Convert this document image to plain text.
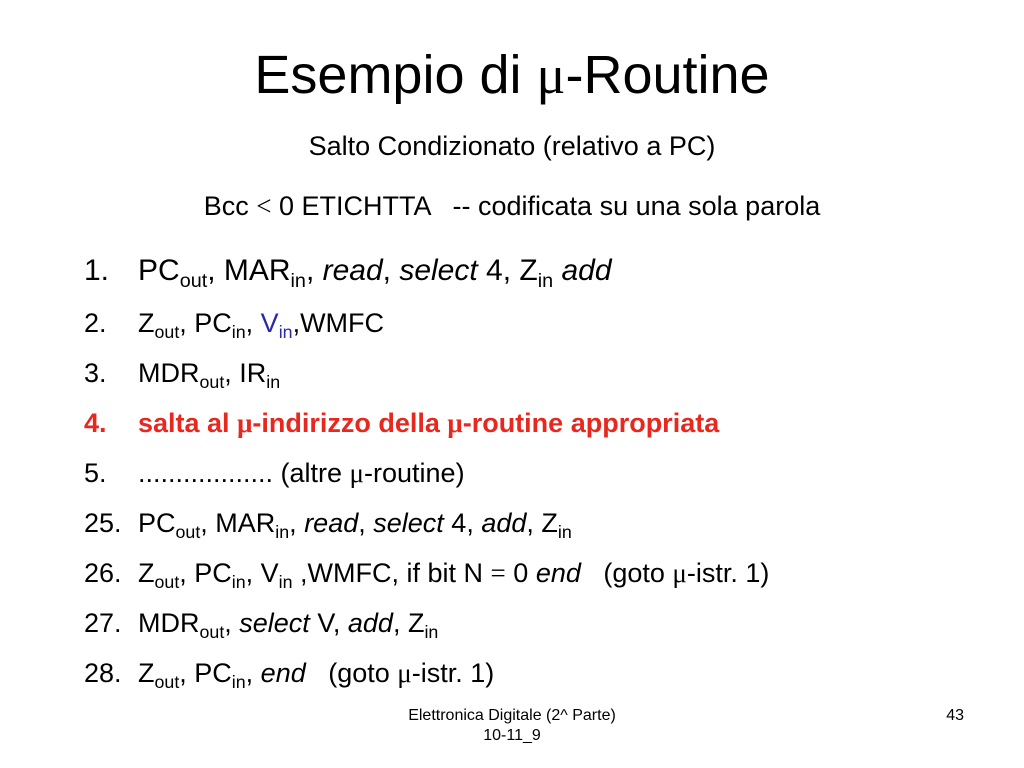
Esempio di μ-Routine
Salto Condizionato (relativo a PC)
Bcc < 0 ETICHTTA   -- codificata su una sola parola
1. $PC_{out}$, $MAR_{in}$, read, select 4, $Z_{in}$ add
2. $Z_{out}$, $PC_{in}$, $V_{in},WMFC$
3. $MDR_{out}$, $IR_{in}$
4. salta al μ-indirizzo della μ-routine appropriata
5. .................. (altre μ-routine)
25. $PC_{out}$, $MAR_{in}$, read, select 4, add, $Z_{in}$
26. $Z_{out}$, $PC_{in}$, $V_{in}$ ,WMFC, if bit N = 0 end   (goto μ-istr. 1)
27. $MDR_{out}$, select V, add, $Z_{in}$
28. $Z_{out}$, $PC_{in}$, end   (goto μ-istr. 1)
Elettronica Digitale (2^ Parte)
10-11_9
43
